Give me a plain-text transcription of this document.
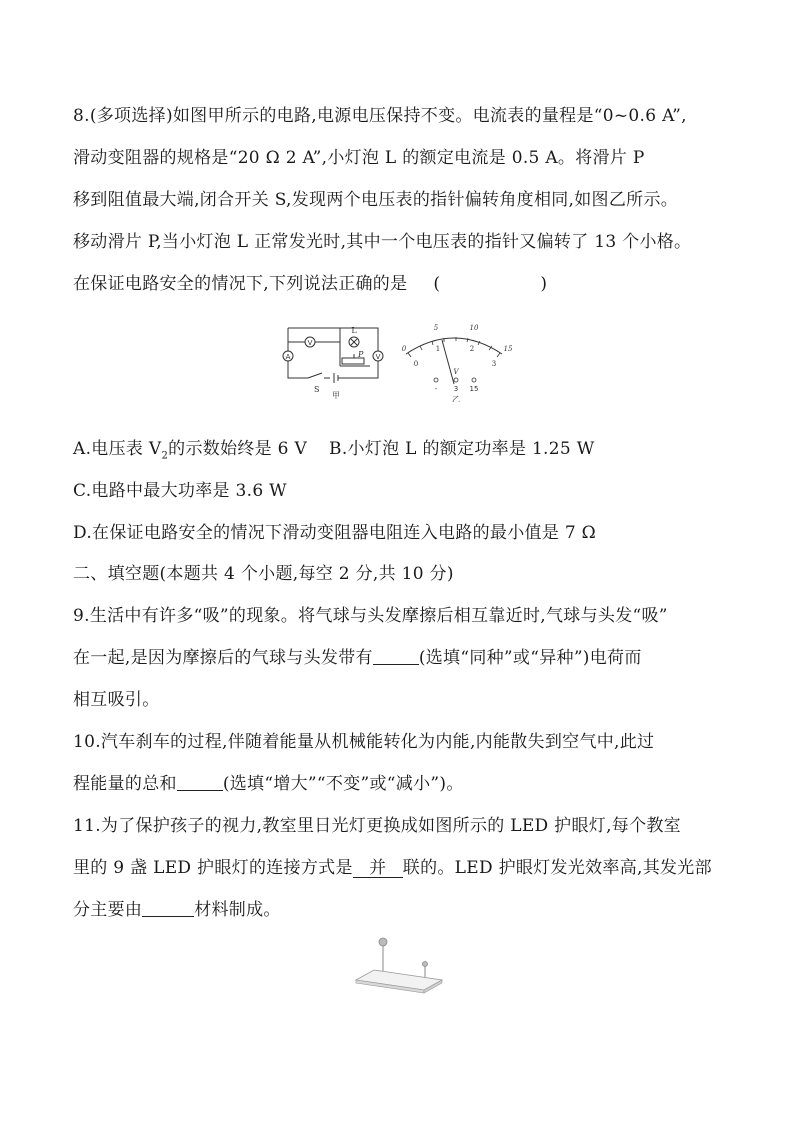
8.(多项选择)如图甲所示的电路,电源电压保持不变。电流表的量程是“0~0.6 A”,
滑动变阻器的规格是“20 Ω 2 A”,小灯泡 L 的额定电流是 0.5 A。将滑片 P
移到阻值最大端,闭合开关 S,发现两个电压表的指针偏转角度相同,如图乙所示。
移动滑片 P,当小灯泡 L 正常发光时,其中一个电压表的指针又偏转了 13 个小格。
在保证电路安全的情况下,下列说法正确的是 (	)
A
V
L
V
P
S
甲
0
5	10
15
0
1	2
3
V
- 3 15
乙
A.电压表 $V_2$的示数始终是 6 V B.小灯泡 L 的额定功率是 1.25 W
C.电路中最大功率是 3.6 W
D.在保证电路安全的情况下滑动变阻器电阻连入电路的最小值是 7 Ω
二、填空题(本题共 4 个小题,每空 2 分,共 10 分)
9.生活中有许多“吸”的现象。将气球与头发摩擦后相互靠近时,气球与头发“吸”
在一起,是因为摩擦后的气球与头发带有	(选填“同种”或“异种”)电荷而
相互吸引。
10.汽车刹车的过程,伴随着能量从机械能转化为内能,内能散失到空气中,此过
程能量的总和	(选填“增大”“不变”或“减小”)。
11.为了保护孩子的视力,教室里日光灯更换成如图所示的 LED 护眼灯,每个教室
里的 9 盏 LED 护眼灯的连接方式是 并 联的。LED 护眼灯发光效率高,其发光部
分主要由	材料制成。
